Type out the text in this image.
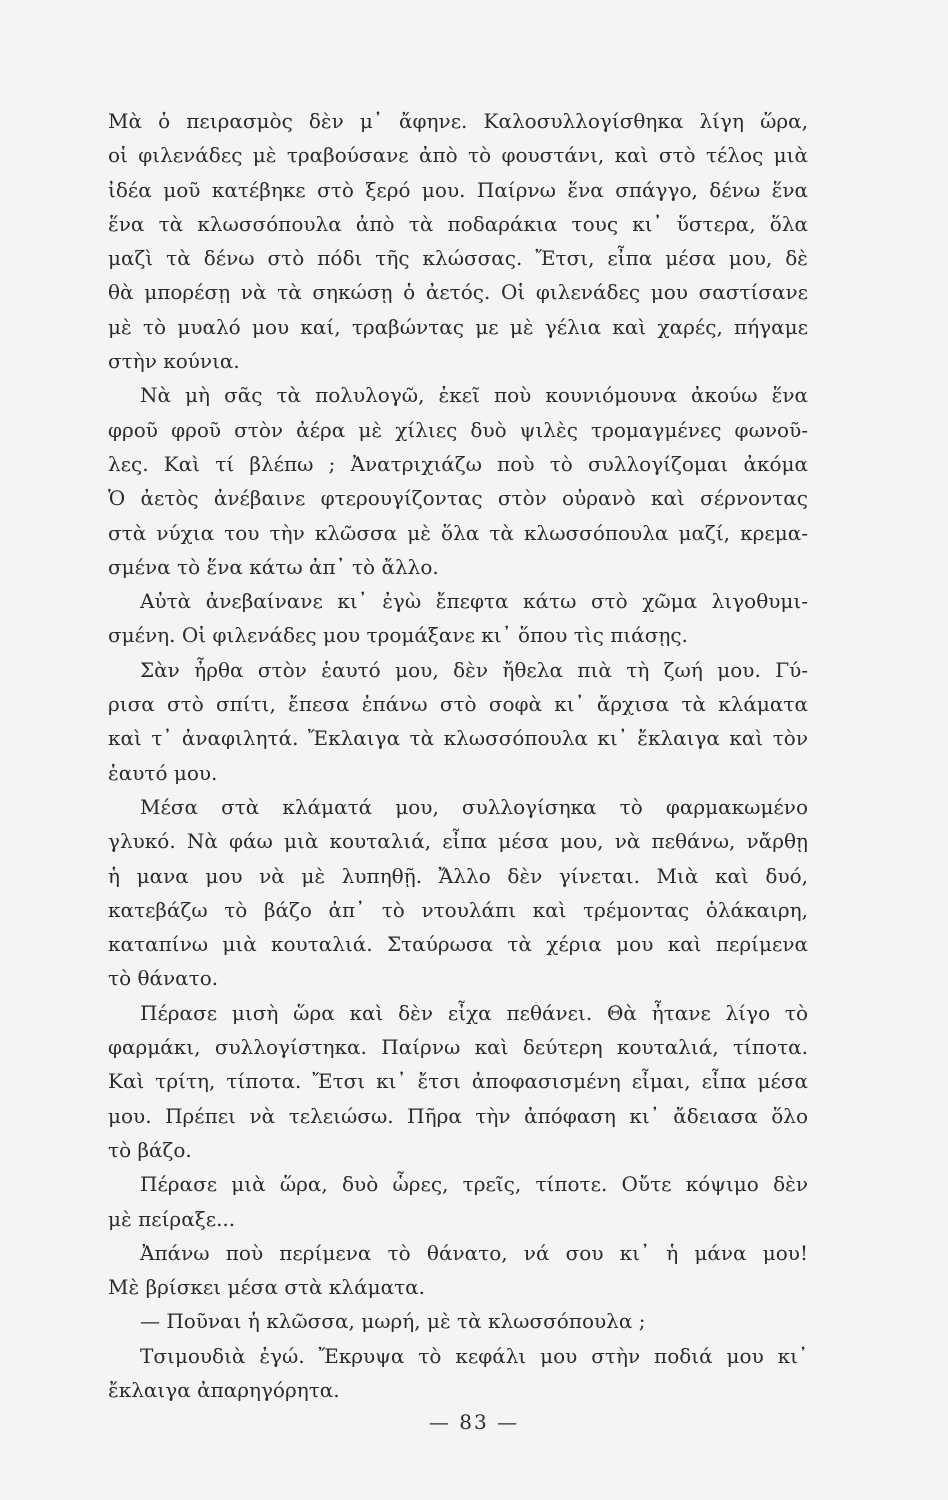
Μὰ ὁ πειρασμὸς δὲν μ᾽ ἄφηνε. Καλοσυλλογίσθηκα λίγη ὥρα,
οἱ φιλενάδες μὲ τραβούσανε ἀπὸ τὸ φουστάνι, καὶ στὸ τέλος μιὰ
ἰδέα μοῦ κατέβηκε στὸ ξερό μου. Παίρνω ἕνα σπάγγο, δένω ἕνα
ἕνα τὰ κλωσσόπουλα ἀπὸ τὰ ποδαράκια τους κι᾽ ὕστερα, ὅλα
μαζὶ τὰ δένω στὸ πόδι τῆς κλώσσας. Ἔτσι, εἶπα μέσα μου, δὲ
θὰ μπορέσῃ νὰ τὰ σηκώσῃ ὁ ἀετός. Οἱ φιλενάδες μου σαστίσανε
μὲ τὸ μυαλό μου καί, τραβώντας με μὲ γέλια καὶ χαρές, πήγαμε
στὴν κούνια.
Νὰ μὴ σᾶς τὰ πολυλογῶ, ἐκεῖ ποὺ κουνιόμουνα ἀκούω ἕνα
φροῦ φροῦ στὸν ἀέρα μὲ χίλιες δυὸ ψιλὲς τρομαγμένες φωνοῦ-
λες. Καὶ τί βλέπω ; Ἀνατριχιάζω ποὺ τὸ συλλογίζομαι ἀκόμα
Ὁ ἀετὸς ἀνέβαινε φτερουγίζοντας στὸν οὐρανὸ καὶ σέρνοντας
στὰ νύχια του τὴν κλῶσσα μὲ ὅλα τὰ κλωσσόπουλα μαζί, κρεμα-
σμένα τὸ ἕνα κάτω ἀπ᾽ τὸ ἄλλο.
Αὐτὰ ἀνεβαίνανε κι᾽ ἐγὼ ἔπεφτα κάτω στὸ χῶμα λιγοθυμι-
σμένη. Οἱ φιλενάδες μου τρομάξανε κι᾽ ὅπου τὶς πιάσῃς.
Σὰν ἦρθα στὸν ἑαυτό μου, δὲν ἤθελα πιὰ τὴ ζωή μου. Γύ-
ρισα στὸ σπίτι, ἔπεσα ἐπάνω στὸ σοφὰ κι᾽ ἄρχισα τὰ κλάματα
καὶ τ᾽ ἀναφιλητά. Ἔκλαιγα τὰ κλωσσόπουλα κι᾽ ἔκλαιγα καὶ τὸν
ἑαυτό μου.
Μέσα στὰ κλάματά μου, συλλογίσηκα τὸ φαρμακωμένο
γλυκό. Νὰ φάω μιὰ κουταλιά, εἶπα μέσα μου, νὰ πεθάνω, νἄρθῃ
ἡ μανα μου νὰ μὲ λυπηθῇ. Ἄλλο δὲν γίνεται. Μιὰ καὶ δυό,
κατεβάζω τὸ βάζο ἀπ᾽ τὸ ντουλάπι καὶ τρέμοντας ὁλάκαιρη,
καταπίνω μιὰ κουταλιά. Σταύρωσα τὰ χέρια μου καὶ περίμενα
τὸ θάνατο.
Πέρασε μισὴ ὥρα καὶ δὲν εἶχα πεθάνει. Θὰ ἦτανε λίγο τὸ
φαρμάκι, συλλογίστηκα. Παίρνω καὶ δεύτερη κουταλιά, τίποτα.
Καὶ τρίτη, τίποτα. Ἔτσι κι᾽ ἔτσι ἀποφασισμένη εἶμαι, εἶπα μέσα
μου. Πρέπει νὰ τελειώσω. Πῆρα τὴν ἀπόφαση κι᾽ ἄδειασα ὅλο
τὸ βάζο.
Πέρασε μιὰ ὥρα, δυὸ ὧρες, τρεῖς, τίποτε. Οὔτε κόψιμο δὲν
μὲ πείραξε...
Ἀπάνω ποὺ περίμενα τὸ θάνατο, νά σου κι᾽ ἡ μάνα μου!
Μὲ βρίσκει μέσα στὰ κλάματα.
— Ποῦναι ἡ κλῶσσα, μωρή, μὲ τὰ κλωσσόπουλα ;
Τσιμουδιὰ ἐγώ. Ἔκρυψα τὸ κεφάλι μου στὴν ποδιά μου κι᾽
ἔκλαιγα ἀπαρηγόρητα.
— 83 —
